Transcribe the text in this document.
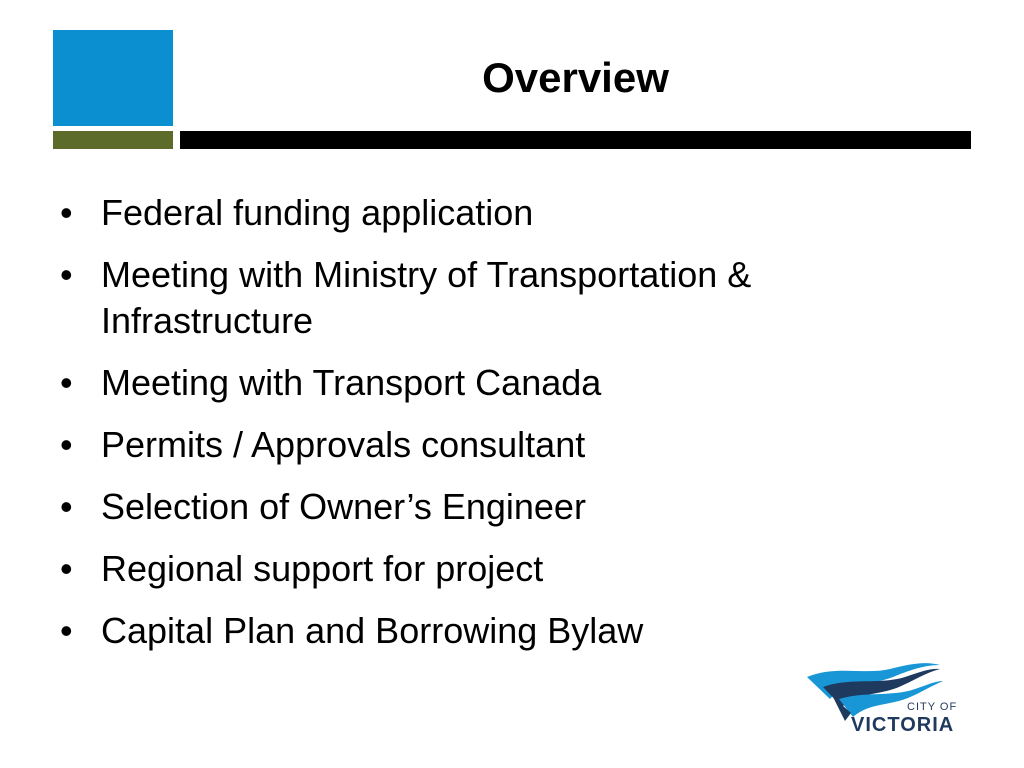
Overview
• Federal funding application
• Meeting with Ministry of Transportation & Infrastructure
• Meeting with Transport Canada
• Permits / Approvals consultant
• Selection of Owner’s Engineer
• Regional support for project
• Capital Plan and Borrowing Bylaw
CITY OF
VICTORIA
